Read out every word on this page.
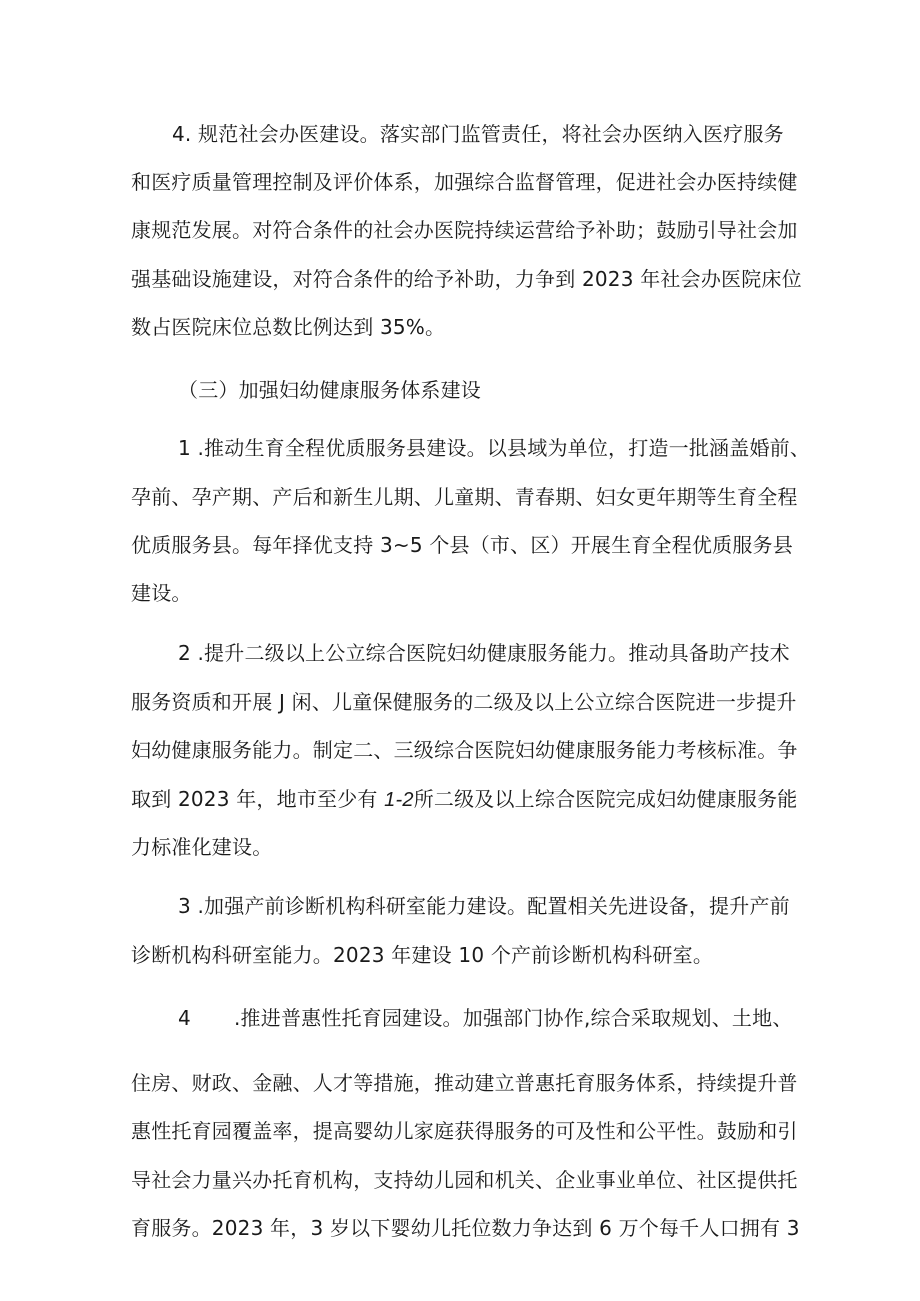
4. 规范社会办医建设。落实部门监管责任，将社会办医纳入医疗服务
和医疗质量管理控制及评价体系，加强综合监督管理，促进社会办医持续健
康规范发展。对符合条件的社会办医院持续运营给予补助；鼓励引导社会加
强基础设施建设，对符合条件的给予补助，力争到 2023 年社会办医院床位
数占医院床位总数比例达到 35%。
（三）加强妇幼健康服务体系建设
1 .推动生育全程优质服务县建设。以县域为单位，打造一批涵盖婚前、
孕前、孕产期、产后和新生儿期、儿童期、青春期、妇女更年期等生育全程
优质服务县。每年择优支持 3~5 个县（市、区）开展生育全程优质服务县
建设。
2 .提升二级以上公立综合医院妇幼健康服务能力。推动具备助产技术
服务资质和开展 J 闲、儿童保健服务的二级及以上公立综合医院进一步提升
妇幼健康服务能力。制定二、三级综合医院妇幼健康服务能力考核标准。争
取到 2023 年，地市至少有 1-2所二级及以上综合医院完成妇幼健康服务能
力标准化建设。
3 .加强产前诊断机构科研室能力建设。配置相关先进设备，提升产前
诊断机构科研室能力。2023 年建设 10 个产前诊断机构科研室。
4 .推进普惠性托育园建设。加强部门协作,综合采取规划、土地、
住房、财政、金融、人才等措施，推动建立普惠托育服务体系，持续提升普
惠性托育园覆盖率，提高婴幼儿家庭获得服务的可及性和公平性。鼓励和引
导社会力量兴办托育机构，支持幼儿园和机关、企业事业单位、社区提供托
育服务。2023 年，3 岁以下婴幼儿托位数力争达到 6 万个每千人口拥有 3
